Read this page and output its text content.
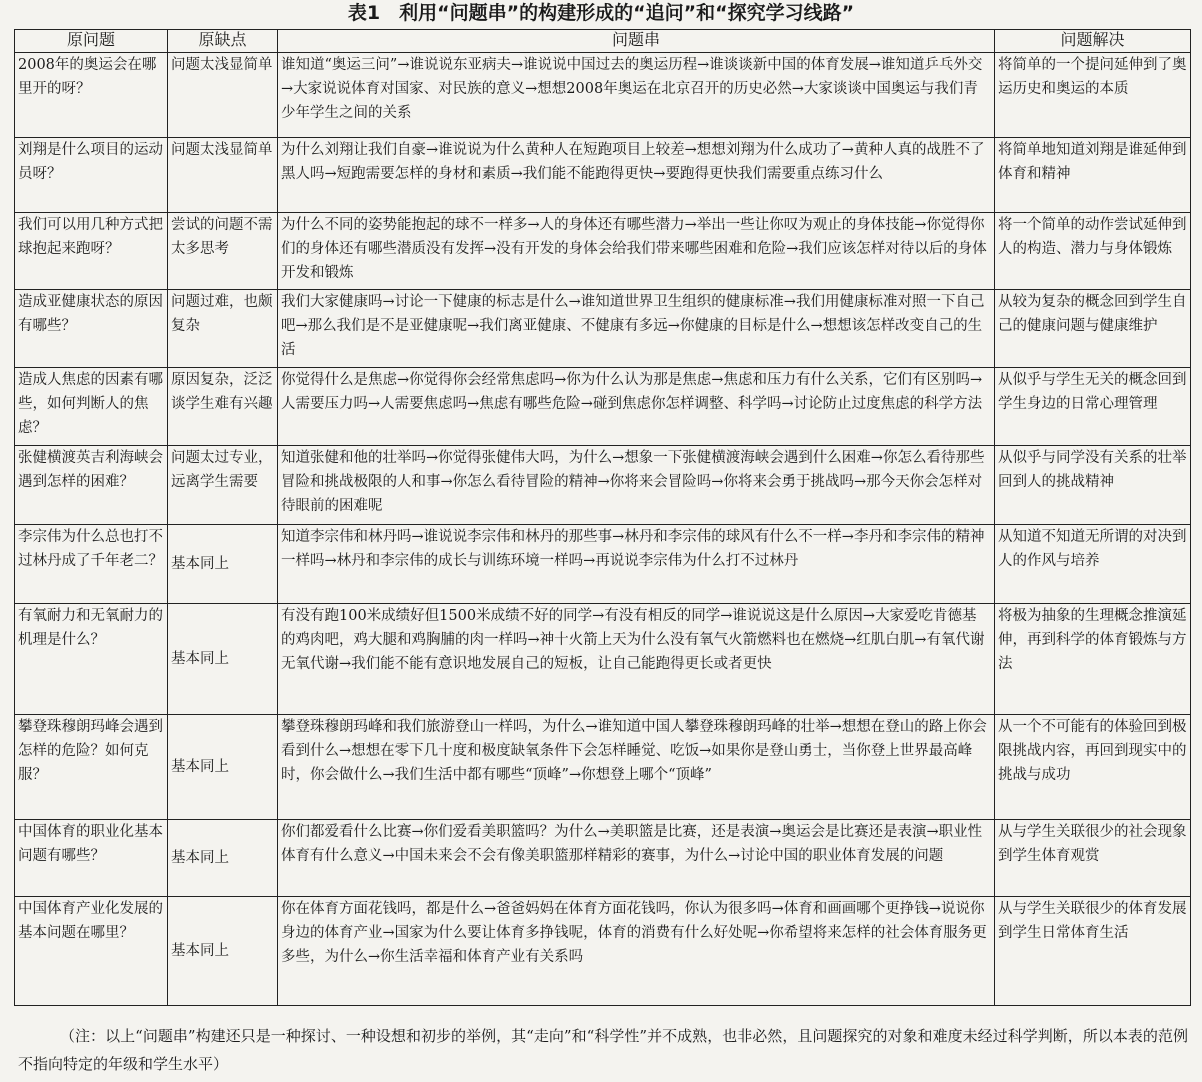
表1　利用“问题串”的构建形成的“追问”和“探究学习线路”
原问题	原缺点	问题串	问题解决
2008年的奥运会在哪里开的呀？	问题太浅显简单	谁知道“奥运三问”→谁说说东亚病夫→谁说说中国过去的奥运历程→谁谈谈新中国的体育发展→谁知道乒乓外交→大家说说体育对国家、对民族的意义→想想2008年奥运在北京召开的历史必然→大家谈谈中国奥运与我们青少年学生之间的关系	将简单的一个提问延伸到了奥运历史和奥运的本质
刘翔是什么项目的运动员呀？	问题太浅显简单	为什么刘翔让我们自豪→谁说说为什么黄种人在短跑项目上较差→想想刘翔为什么成功了→黄种人真的战胜不了黑人吗→短跑需要怎样的身材和素质→我们能不能跑得更快→要跑得更快我们需要重点练习什么	将简单地知道刘翔是谁延伸到体育和精神
我们可以用几种方式把球抱起来跑呀？	尝试的问题不需太多思考	为什么不同的姿势能抱起的球不一样多→人的身体还有哪些潜力→举出一些让你叹为观止的身体技能→你觉得你们的身体还有哪些潜质没有发挥→没有开发的身体会给我们带来哪些困难和危险→我们应该怎样对待以后的身体开发和锻炼	将一个简单的动作尝试延伸到人的构造、潜力与身体锻炼
造成亚健康状态的原因有哪些？	问题过难，也颇复杂	我们大家健康吗→讨论一下健康的标志是什么→谁知道世界卫生组织的健康标准→我们用健康标准对照一下自己吧→那么我们是不是亚健康呢→我们离亚健康、不健康有多远→你健康的目标是什么→想想该怎样改变自己的生活	从较为复杂的概念回到学生自己的健康问题与健康维护
造成人焦虑的因素有哪些，如何判断人的焦虑？	原因复杂，泛泛谈学生难有兴趣	你觉得什么是焦虑→你觉得你会经常焦虑吗→你为什么认为那是焦虑→焦虑和压力有什么关系，它们有区别吗→人需要压力吗→人需要焦虑吗→焦虑有哪些危险→碰到焦虑你怎样调整、科学吗→讨论防止过度焦虑的科学方法	从似乎与学生无关的概念回到学生身边的日常心理管理
张健横渡英吉利海峡会遇到怎样的困难？	问题太过专业，远离学生需要	知道张健和他的壮举吗→你觉得张健伟大吗，为什么→想象一下张健横渡海峡会遇到什么困难→你怎么看待那些冒险和挑战极限的人和事→你怎么看待冒险的精神→你将来会冒险吗→你将来会勇于挑战吗→那今天你会怎样对待眼前的困难呢	从似乎与同学没有关系的壮举回到人的挑战精神
李宗伟为什么总也打不过林丹成了千年老二？	基本同上	知道李宗伟和林丹吗→谁说说李宗伟和林丹的那些事→林丹和李宗伟的球风有什么不一样→李丹和李宗伟的精神一样吗→林丹和李宗伟的成长与训练环境一样吗→再说说李宗伟为什么打不过林丹	从知道不知道无所谓的对决到人的作风与培养
有氧耐力和无氧耐力的机理是什么？	基本同上	有没有跑100米成绩好但1500米成绩不好的同学→有没有相反的同学→谁说说这是什么原因→大家爱吃肯德基的鸡肉吧，鸡大腿和鸡胸脯的肉一样吗→神十火箭上天为什么没有氧气火箭燃料也在燃烧→红肌白肌→有氧代谢无氧代谢→我们能不能有意识地发展自己的短板，让自己能跑得更长或者更快	将极为抽象的生理概念推演延伸，再到科学的体育锻炼与方法
攀登珠穆朗玛峰会遇到怎样的危险？如何克服？	基本同上	攀登珠穆朗玛峰和我们旅游登山一样吗，为什么→谁知道中国人攀登珠穆朗玛峰的壮举→想想在登山的路上你会看到什么→想想在零下几十度和极度缺氧条件下会怎样睡觉、吃饭→如果你是登山勇士，当你登上世界最高峰时，你会做什么→我们生活中都有哪些“顶峰”→你想登上哪个“顶峰”	从一个不可能有的体验回到极限挑战内容，再回到现实中的挑战与成功
中国体育的职业化基本问题有哪些？	基本同上	你们都爱看什么比赛→你们爱看美职篮吗？为什么→美职篮是比赛，还是表演→奥运会是比赛还是表演→职业性体育有什么意义→中国未来会不会有像美职篮那样精彩的赛事，为什么→讨论中国的职业体育发展的问题	从与学生关联很少的社会现象到学生体育观赏
中国体育产业化发展的基本问题在哪里？	基本同上	你在体育方面花钱吗，都是什么→爸爸妈妈在体育方面花钱吗，你认为很多吗→体育和画画哪个更挣钱→说说你身边的体育产业→国家为什么要让体育多挣钱呢，体育的消费有什么好处呢→你希望将来怎样的社会体育服务更多些，为什么→你生活幸福和体育产业有关系吗	从与学生关联很少的体育发展到学生日常体育生活
（注：以上“问题串”构建还只是一种探讨、一种设想和初步的举例，其“走向”和“科学性”并不成熟，也非必然，且问题探究的对象和难度未经过科学判断，所以本表的范例不指向特定的年级和学生水平）
